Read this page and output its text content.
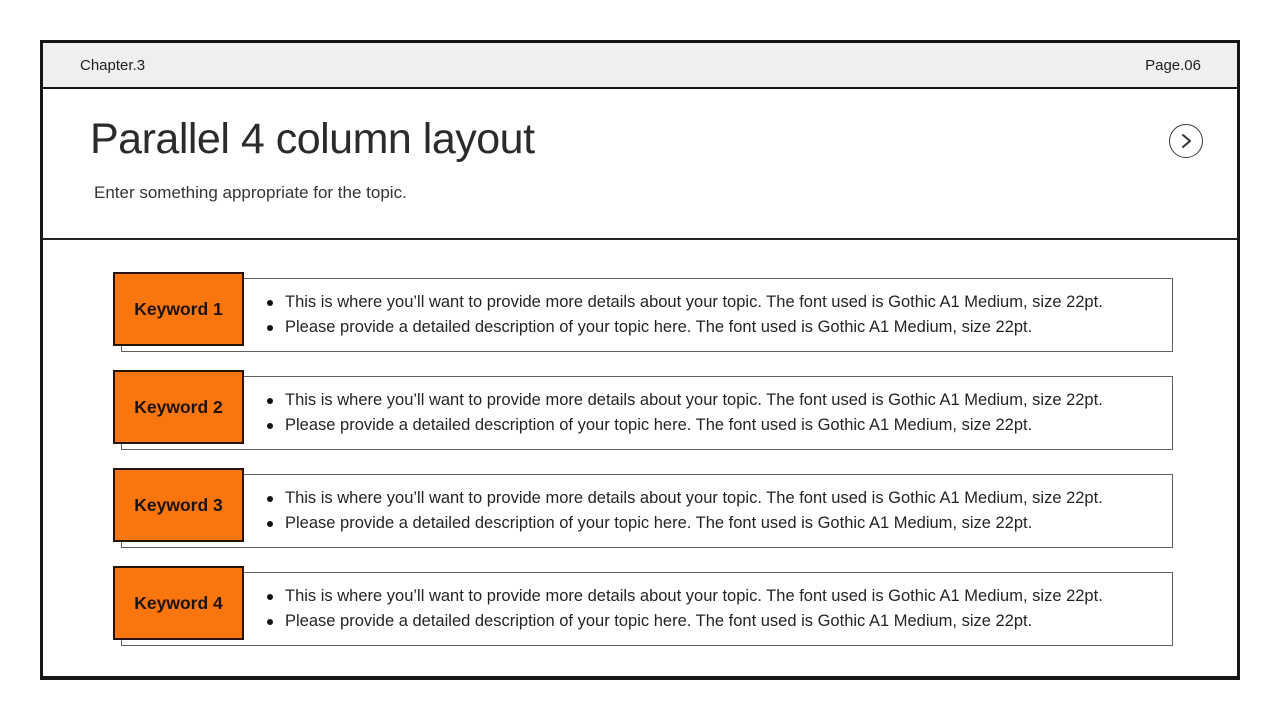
Chapter.3	Page.06
Parallel 4 column layout
Enter something appropriate for the topic.
Keyword 1	This is where you’ll want to provide more details about your topic. The font used is Gothic A1 Medium, size 22pt.
Please provide a detailed description of your topic here. The font used is Gothic A1 Medium, size 22pt.
Keyword 2	This is where you’ll want to provide more details about your topic. The font used is Gothic A1 Medium, size 22pt.
Please provide a detailed description of your topic here. The font used is Gothic A1 Medium, size 22pt.
Keyword 3	This is where you’ll want to provide more details about your topic. The font used is Gothic A1 Medium, size 22pt.
Please provide a detailed description of your topic here. The font used is Gothic A1 Medium, size 22pt.
Keyword 4	This is where you’ll want to provide more details about your topic. The font used is Gothic A1 Medium, size 22pt.
Please provide a detailed description of your topic here. The font used is Gothic A1 Medium, size 22pt.
